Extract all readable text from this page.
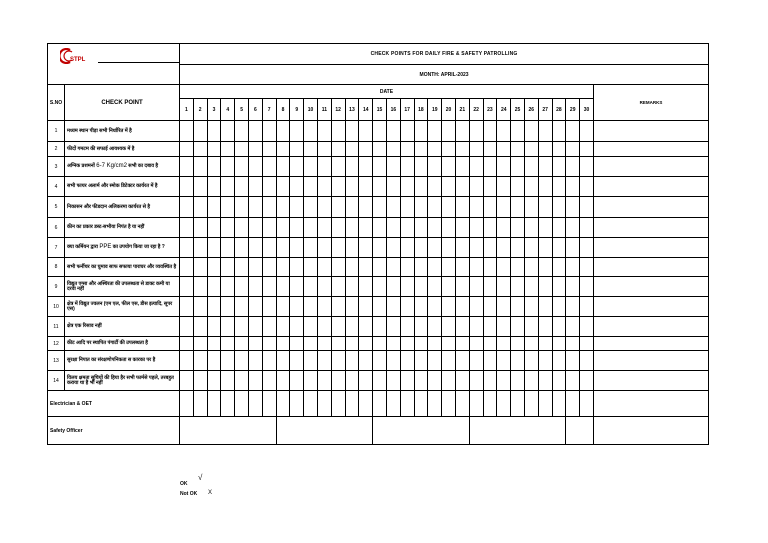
STPL		CHECK POINTS FOR DAILY FIRE & SAFETY PATROLLING																														
		MONTH: APRIL-2023																														
S.NO	CHECK POINT	DATE																														REMARKS
		1	2	3	4	5	6	7	8	9	10	11	12	13	14	15	16	17	18	19	20	21	22	23	24	25	26	27	28	29	30	
1	मध्यम स्थान पीड़ा सभी निर्धारित में है																															
2	फीदों गमटम की सफाई आयश्यक में है																															
3	अग्निक प्रशमनों 6-7 Kg/cm2 सभी का दबाव है																															
4	सभी फायर अलार्म और स्मोक डिटेक्टर कार्यरत में है																															
5	निकासन और फीडदान अलिकरमा कार्यरत से है																															
6	कीन का प्रकार डस्ट-सभीया निपंत है या नहीं																															
7	क्या कर्मियन द्वारा PPE का उपयोग किया जा रहा है ?																															
8	सभी फर्नीचर का घुमाव साफ सफाया पाराघर और व्यवस्थित है																															
9	विद्युत एग्सा और अस्थिरता की उपलब्धता से डाक्ट कमी या दरवा नहीं																															
10	क्षेत्र में विद्युत ज्वलन (एम एल, फील एस, डीस इत्यादि, सूपर एस)																															
11	क्षेत्र एक रिसाव नहीं																															
12	कीट आदि पर स्थापित पंगार्टी की उपलब्धता है																															
13	सुरक्षा निपात का संरक्षणोपनिकता स कारका पर है																															
14	विलय क्षमता सूचियों की हिया हैर सभी फार्मसे पहले, तरबहुत कराया था है भी नहीं																															
Electrician & OET																																
Safety Officer																																
OK
√
Not OK X
